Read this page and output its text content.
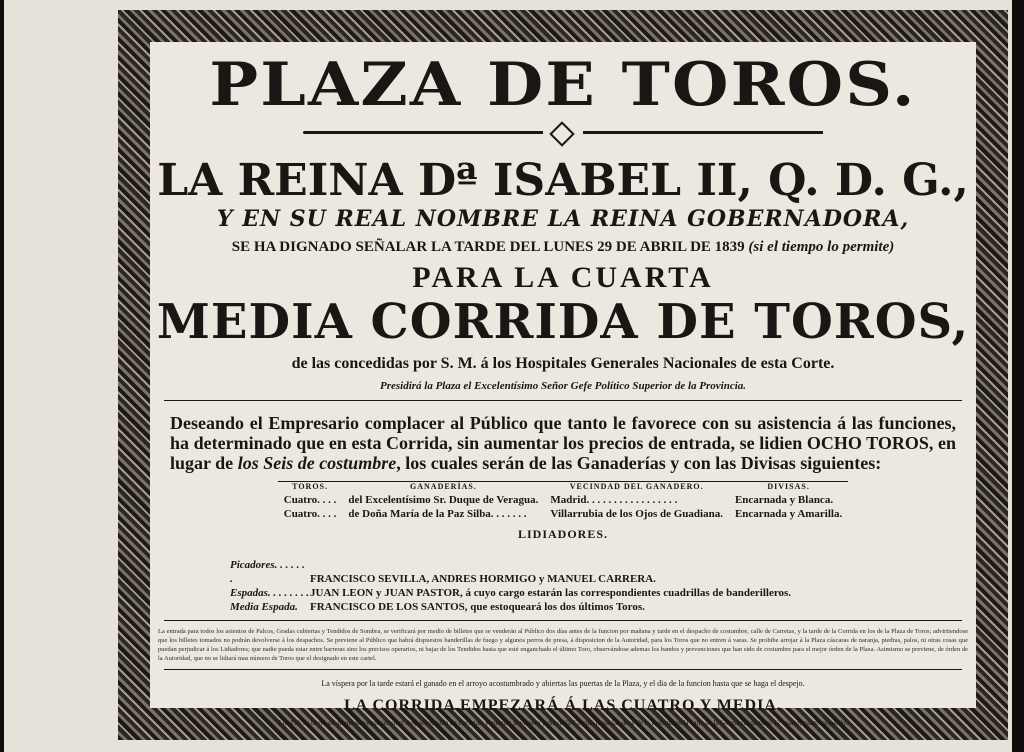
PLAZA DE TOROS.
LA REINA Dª ISABEL II, Q. D. G.,
Y EN SU REAL NOMBRE LA REINA GOBERNADORA,
SE HA DIGNADO SEÑALAR LA TARDE DEL LUNES 29 DE ABRIL DE 1839 (si el tiempo lo permite)
PARA LA CUARTA
MEDIA CORRIDA DE TOROS,
de las concedidas por S. M. á los Hospitales Generales Nacionales de esta Corte.
Presidirá la Plaza el Excelentísimo Señor Gefe Político Superior de la Provincia.
Deseando el Empresario complacer al Público que tanto le favorece con su asistencia á las funciones, ha determinado que en esta Corrida, sin aumentar los precios de entrada, se lidien OCHO TOROS, en lugar de los Seis de costumbre, los cuales serán de las Ganaderías y con las Divisas siguientes:
TOROS.	GANADERÍAS.	VECINDAD DEL GANADERO.	DIVISAS.
Cuatro. . . .	del Excelentísimo Sr. Duque de Veragua.	Madrid. . . . . . . . . . . . . . . . .	Encarnada y Blanca.
Cuatro. . . .	de Doña María de la Paz Silba. . . . . . .	Villarrubia de los Ojos de Guadiana.	Encarnada y Amarilla.
LIDIADORES.
Picadores. . . . . . .	FRANCISCO SEVILLA, ANDRES HORMIGO y MANUEL CARRERA.
Espadas. . . . . . . .JUAN LEON y JUAN PASTOR, á cuyo cargo estarán las correspondientes cuadrillas de banderilleros.
Media Espada. FRANCISCO DE LOS SANTOS, que estoqueará los dos últimos Toros.
La entrada para todos los asientos de Palcos, Gradas cubiertas y Tendidos de Sombra, se verificará por medio de billetes que se venderán al Público dos días antes de la funcion por mañana y tarde en el despacho de costumbre, calle de Carretas, y la tarde de la Corrida en los de la Plaza de Toros; advirtiendose que los billetes tomados no podrán devolverse á los despachos. Se previene al Público que habrá dispuestos banderillas de fuego y algunos perros de presa, á disposicion de la Autoridad, para los Toros que no entren á varas. Se prohibe arrojar á la Plaza cáscaras de naranja, piedras, palos, ni otras cosas que puedan perjudicar á los Lidiadores; que nadie pueda estar entre barreras sino los precisos operarios, ni bajar de los Tendidos hasta que esté enganchado el último Toro, observándose ademas los bandos y prevenciones que han sido de costumbre para el mejor órden de la Plaza. Asimismo se previene, de órden de la Autoridad, que no se lidiará mas número de Toros que el designado en este cartel.
La víspera por la tarde estará el ganado en el arroyo acostumbrado y abiertas las puertas de la Plaza, y el dia de la funcion hasta que se haga el despejo.
LA CORRIDA EMPEZARÁ Á LAS CUATRO Y MEDIA.
Los Palcos libres de abono se venderán en el despacho, calle de Carretas, y ademas la víspera y dia de la Corrida hasta las doce de la mañana en la calle de la Gorguera, número 12 cuarto, cuarto segundo.
